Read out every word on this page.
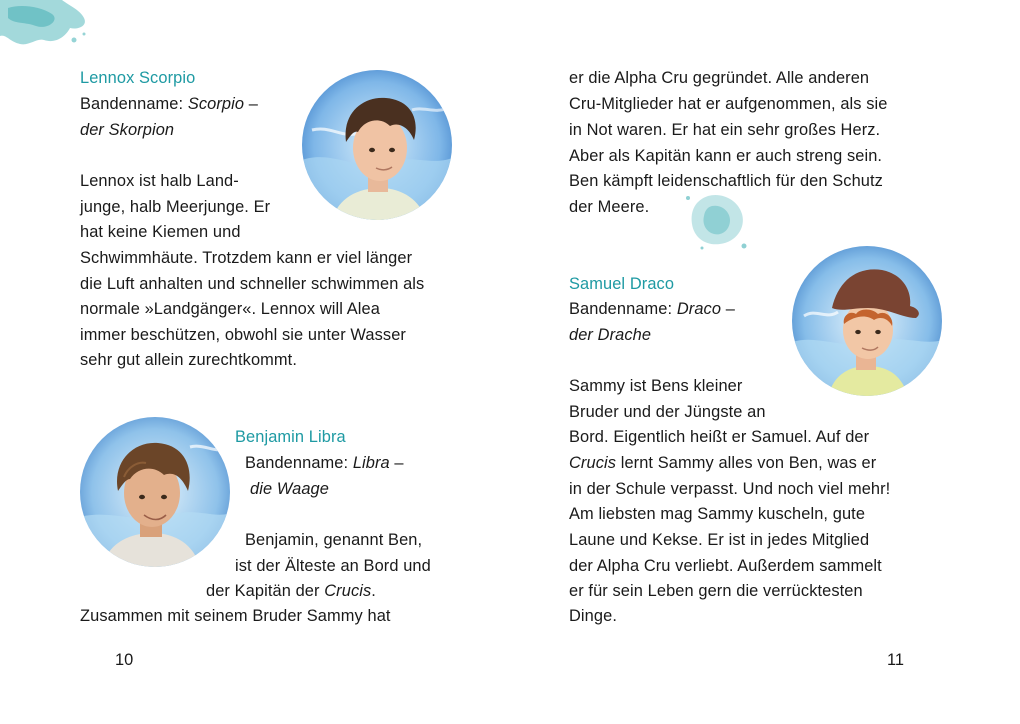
Lennox Scorpio
Bandenname: Scorpio –
der Skorpion
Lennox ist halb Land-
junge, halb Meerjunge. Er
hat keine Kiemen und
Schwimmhäute. Trotzdem kann er viel länger
die Luft anhalten und schneller schwimmen als
normale »Landgänger«. Lennox will Alea
immer beschützen, obwohl sie unter Wasser
sehr gut allein zurechtkommt.
Benjamin Libra
Bandenname: Libra –
die Waage
Benjamin, genannt Ben,
ist der Älteste an Bord und
der Kapitän der Crucis.
Zusammen mit seinem Bruder Sammy hat
10
er die Alpha Cru gegründet. Alle anderen
Cru-Mitglieder hat er aufgenommen, als sie
in Not waren. Er hat ein sehr großes Herz.
Aber als Kapitän kann er auch streng sein.
Ben kämpft leidenschaftlich für den Schutz
der Meere.
Samuel Draco
Bandenname: Draco –
der Drache
Sammy ist Bens kleiner
Bruder und der Jüngste an
Bord. Eigentlich heißt er Samuel. Auf der
Crucis lernt Sammy alles von Ben, was er
in der Schule verpasst. Und noch viel mehr!
Am liebsten mag Sammy kuscheln, gute
Laune und Kekse. Er ist in jedes Mitglied
der Alpha Cru verliebt. Außerdem sammelt
er für sein Leben gern die verrücktesten
Dinge.
11
